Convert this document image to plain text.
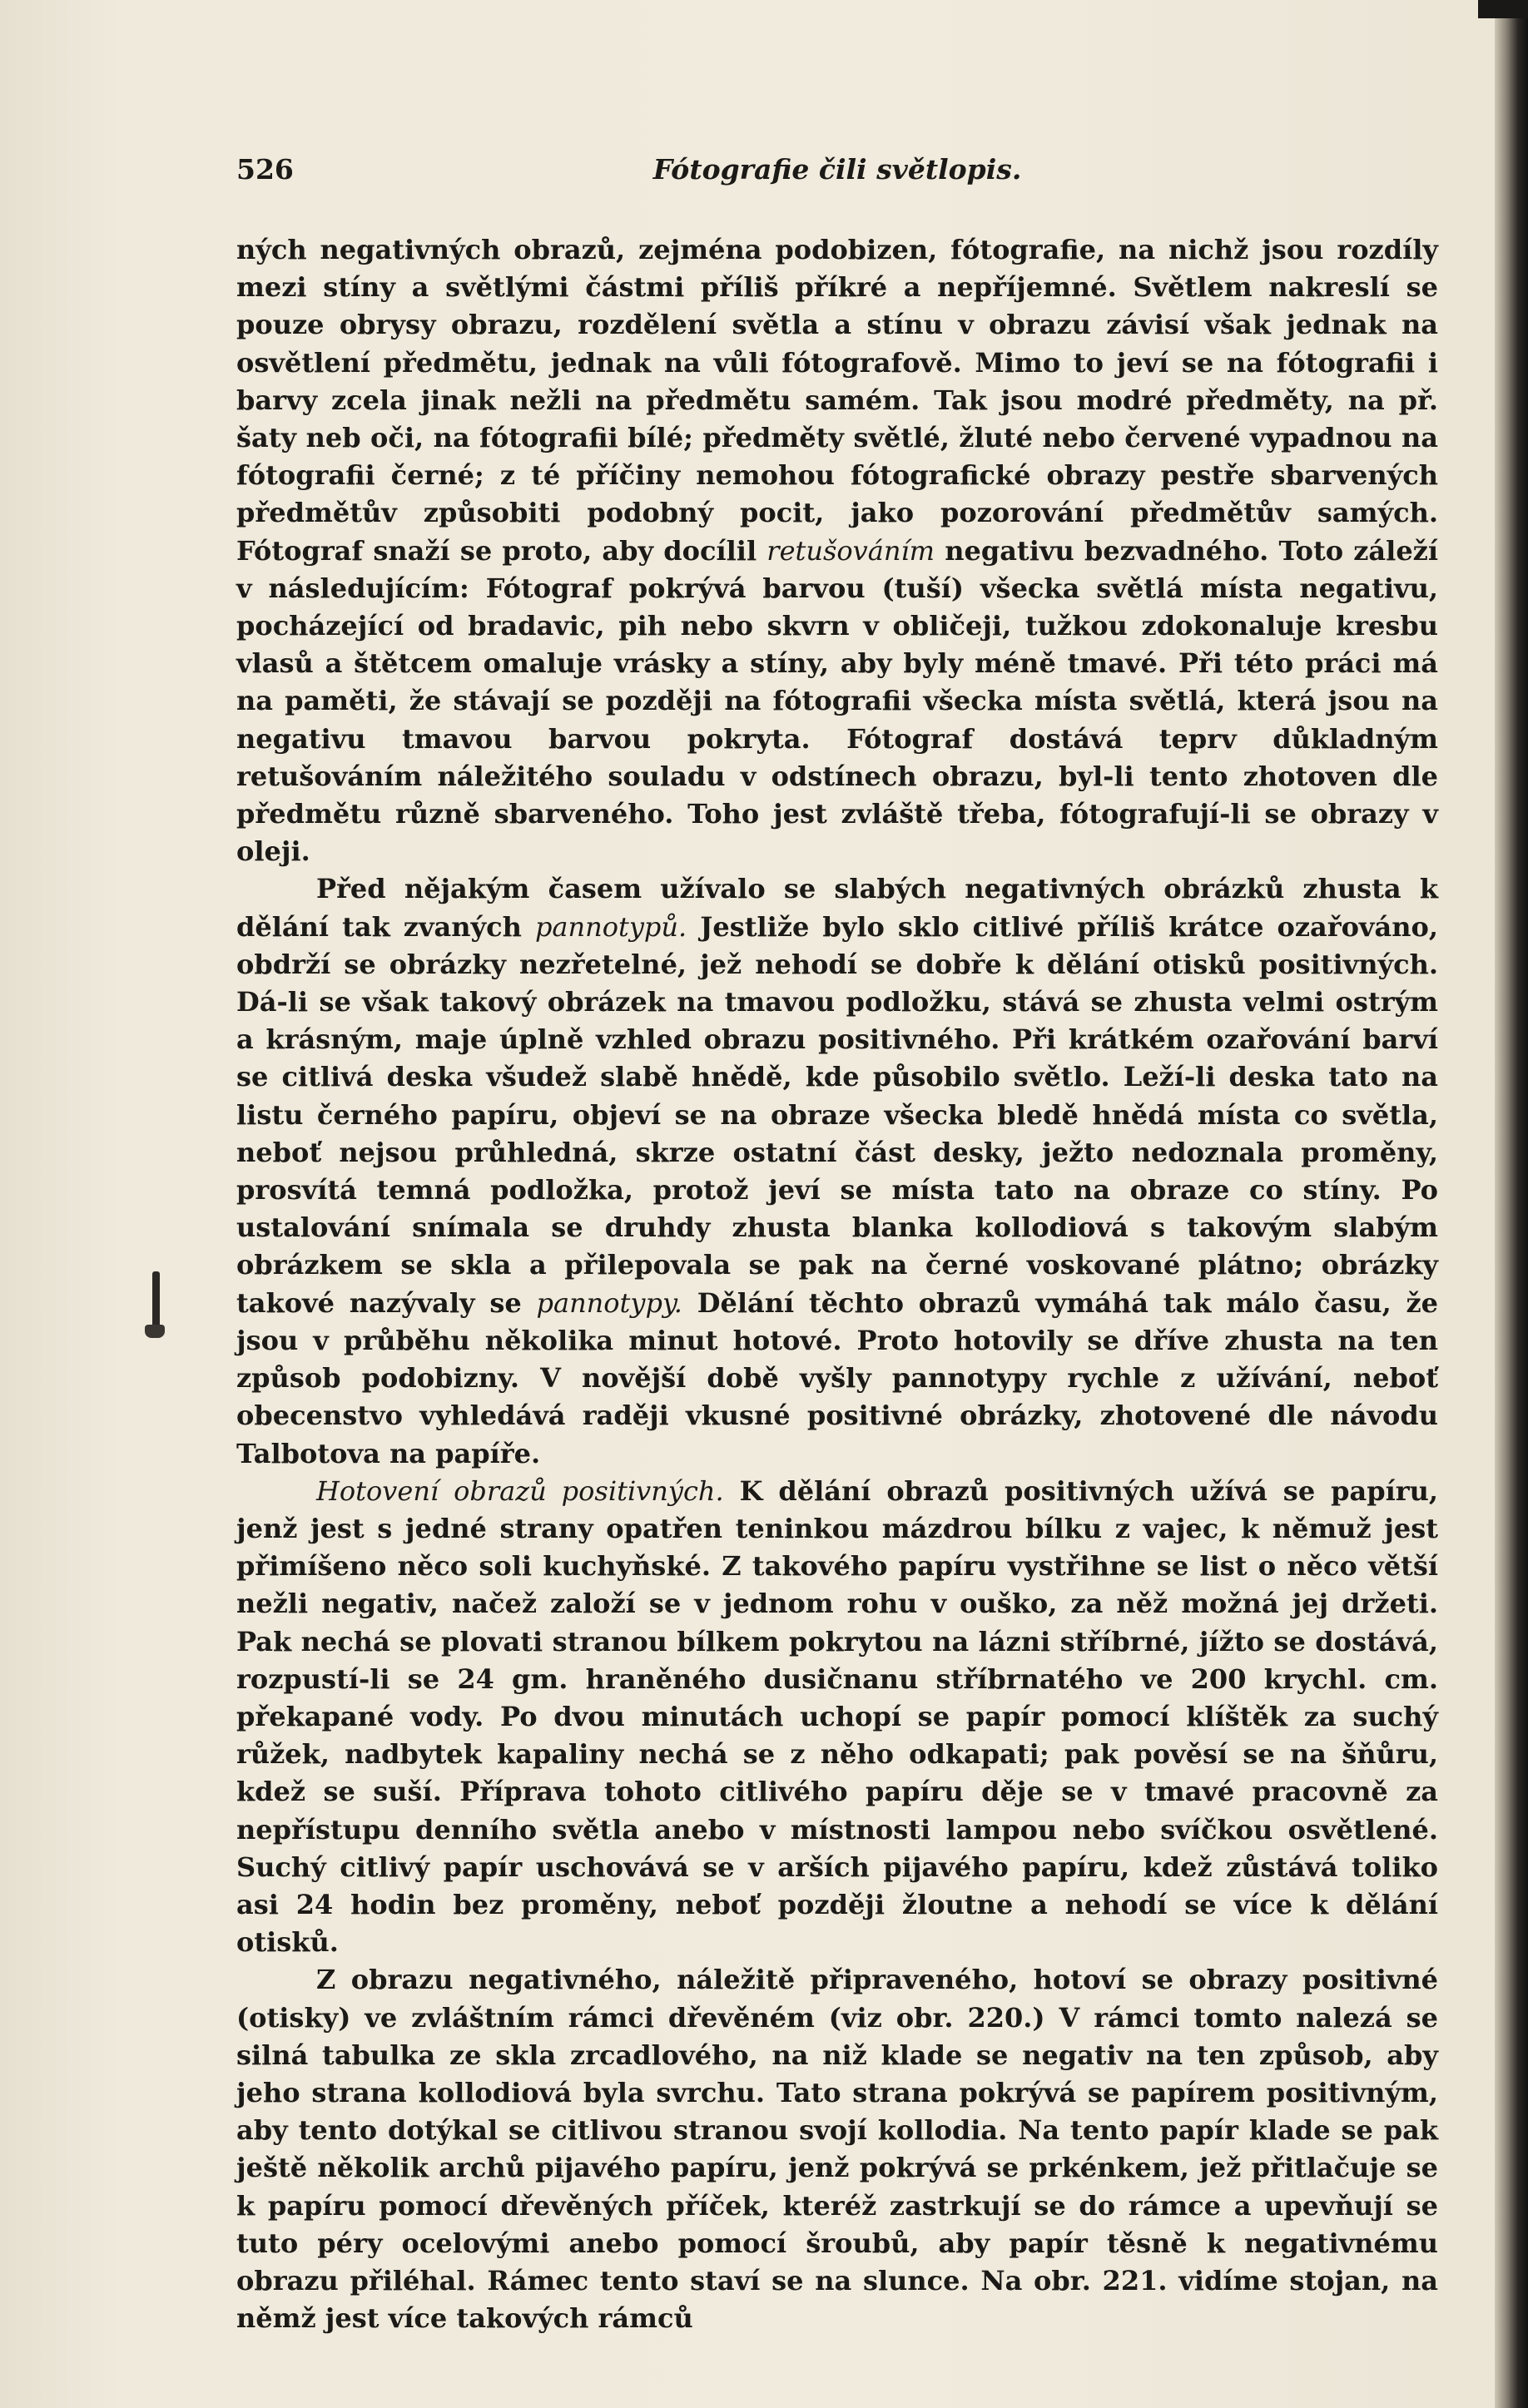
526	Fótografie čili světlopis.

ných negativných obrazů, zejména podobizen, fótografie, na nichž jsou rozdíly mezi stíny a světlými částmi příliš příkré a nepříjemné. Světlem nakreslí se pouze obrysy obrazu, rozdělení světla a stínu v obrazu závisí však jednak na osvětlení předmětu, jednak na vůli fótografově. Mimo to jeví se na fótografii i barvy zcela jinak nežli na předmětu samém. Tak jsou modré předměty, na př. šaty neb oči, na fótografii bílé; předměty světlé, žluté nebo červené vypadnou na fótografii černé; z té příčiny nemohou fótografické obrazy pestře sbarvených předmětův způsobiti podobný pocit, jako pozorování předmětův samých. Fótograf snaží se proto, aby docílil retušováním negativu bezvadného. Toto záleží v následujícím: Fótograf pokrývá barvou (tuší) všecka světlá místa negativu, pocházející od bradavic, pih nebo skvrn v obličeji, tužkou zdokonaluje kresbu vlasů a štětcem omaluje vrásky a stíny, aby byly méně tmavé. Při této práci má na paměti, že stávají se později na fótografii všecka místa světlá, která jsou na negativu tmavou barvou pokryta. Fótograf dostává teprv důkladným retušováním náležitého souladu v odstínech obrazu, byl-li tento zhotoven dle předmětu různě sbarveného. Toho jest zvláště třeba, fótografují-li se obrazy v oleji.

Před nějakým časem užívalo se slabých negativných obrázků zhusta k dělání tak zvaných pannotypů. Jestliže bylo sklo citlivé příliš krátce ozařováno, obdrží se obrázky nezřetelné, jež nehodí se dobře k dělání otisků positivných. Dá-li se však takový obrázek na tmavou podložku, stává se zhusta velmi ostrým a krásným, maje úplně vzhled obrazu positivného. Při krátkém ozařování barví se citlivá deska všudež slabě hnědě, kde působilo světlo. Leží-li deska tato na listu černého papíru, objeví se na obraze všecka bledě hnědá místa co světla, neboť nejsou průhledná, skrze ostatní část desky, ježto nedoznala proměny, prosvítá temná podložka, protož jeví se místa tato na obraze co stíny. Po ustalování snímala se druhdy zhusta blanka kollodiová s takovým slabým obrázkem se skla a přilepovala se pak na černé voskované plátno; obrázky takové nazývaly se pannotypy. Dělání těchto obrazů vymáhá tak málo času, že jsou v průběhu několika minut hotové. Proto hotovily se dříve zhusta na ten způsob podobizny. V novější době vyšly pannotypy rychle z užívání, neboť obecenstvo vyhledává raději vkusné positivné obrázky, zhotovené dle návodu Talbotova na papíře.

Hotovení obrazů positivných. K dělání obrazů positivných užívá se papíru, jenž jest s jedné strany opatřen teninkou mázdrou bílku z vajec, k němuž jest přimíšeno něco soli kuchyňské. Z takového papíru vystřihne se list o něco větší nežli negativ, načež založí se v jednom rohu v ouško, za něž možná jej držeti. Pak nechá se plovati stranou bílkem pokrytou na lázni stříbrné, jížto se dostává, rozpustí-li se 24 gm. hraněného dusičnanu stříbrnatého ve 200 krychl. cm. překapané vody. Po dvou minutách uchopí se papír pomocí klíštěk za suchý růžek, nadbytek kapaliny nechá se z něho odkapati; pak pověsí se na šňůru, kdež se suší. Příprava tohoto citlivého papíru děje se v tmavé pracovně za nepřístupu denního světla anebo v místnosti lampou nebo svíčkou osvětlené. Suchý citlivý papír uschovává se v arších pijavého papíru, kdež zůstává toliko asi 24 hodin bez proměny, neboť později žloutne a nehodí se více k dělání otisků.

Z obrazu negativného, náležitě připraveného, hotoví se obrazy positivné (otisky) ve zvláštním rámci dřevěném (viz obr. 220.) V rámci tomto nalezá se silná tabulka ze skla zrcadlového, na niž klade se negativ na ten způsob, aby jeho strana kollodiová byla svrchu. Tato strana pokrývá se papírem positivným, aby tento dotýkal se citlivou stranou svojí kollodia. Na tento papír klade se pak ještě několik archů pijavého papíru, jenž pokrývá se prkénkem, jež přitlačuje se k papíru pomocí dřevěných příček, kteréž zastrkují se do rámce a upevňují se tuto péry ocelovými anebo pomocí šroubů, aby papír těsně k negativnému obrazu přiléhal. Rámec tento staví se na slunce. Na obr. 221. vidíme stojan, na němž jest více takových rámců
